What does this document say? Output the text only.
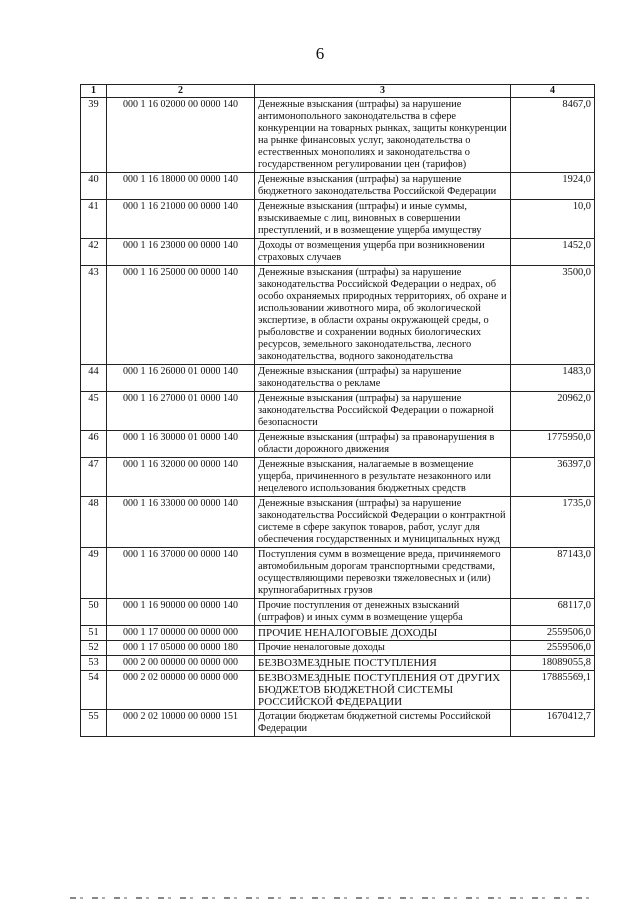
6
1	2	3	4
39	000 1 16 02000 00 0000 140	Денежные взыскания (штрафы) за нарушение антимонопольного законодательства в сфере конкуренции на товарных рынках, защиты конкуренции на рынке финансовых услуг, законодательства о естественных монополиях и законодательства о государственном регулировании цен (тарифов)	8467,0
40	000 1 16 18000 00 0000 140	Денежные взыскания (штрафы) за нарушение бюджетного законодательства Российской Федерации	1924,0
41	000 1 16 21000 00 0000 140	Денежные взыскания (штрафы) и иные суммы, взыскиваемые с лиц, виновных в совершении преступлений, и в возмещение ущерба имуществу	10,0
42	000 1 16 23000 00 0000 140	Доходы от возмещения ущерба при возникновении страховых случаев	1452,0
43	000 1 16 25000 00 0000 140	Денежные взыскания (штрафы) за нарушение законодательства Российской Федерации о недрах, об особо охраняемых природных территориях, об охране и использовании животного мира, об экологической экспертизе, в области охраны окружающей среды, о рыболовстве и сохранении водных биологических ресурсов, земельного законодательства, лесного законодательства, водного законодательства	3500,0
44	000 1 16 26000 01 0000 140	Денежные взыскания (штрафы) за нарушение законодательства о рекламе	1483,0
45	000 1 16 27000 01 0000 140	Денежные взыскания (штрафы) за нарушение законодательства Российской Федерации о пожарной безопасности	20962,0
46	000 1 16 30000 01 0000 140	Денежные взыскания (штрафы) за правонарушения в области дорожного движения	1775950,0
47	000 1 16 32000 00 0000 140	Денежные взыскания, налагаемые в возмещение ущерба, причиненного в результате незаконного или нецелевого использования бюджетных средств	36397,0
48	000 1 16 33000 00 0000 140	Денежные взыскания (штрафы) за нарушение законодательства Российской Федерации о контрактной системе в сфере закупок товаров, работ, услуг для обеспечения государственных и муниципальных нужд	1735,0
49	000 1 16 37000 00 0000 140	Поступления сумм в возмещение вреда, причиняемого автомобильным дорогам транспортными средствами, осуществляющими перевозки тяжеловесных и (или) крупногабаритных грузов	87143,0
50	000 1 16 90000 00 0000 140	Прочие поступления от денежных взысканий (штрафов) и иных сумм в возмещение ущерба	68117,0
51	000 1 17 00000 00 0000 000	ПРОЧИЕ НЕНАЛОГОВЫЕ ДОХОДЫ	2559506,0
52	000 1 17 05000 00 0000 180	Прочие неналоговые доходы	2559506,0
53	000 2 00 00000 00 0000 000	БЕЗВОЗМЕЗДНЫЕ ПОСТУПЛЕНИЯ	18089055,8
54	000 2 02 00000 00 0000 000	БЕЗВОЗМЕЗДНЫЕ ПОСТУПЛЕНИЯ ОТ ДРУГИХ БЮДЖЕТОВ БЮДЖЕТНОЙ СИСТЕМЫ РОССИЙСКОЙ ФЕДЕРАЦИИ	17885569,1
55	000 2 02 10000 00 0000 151	Дотации бюджетам бюджетной системы Российской Федерации	1670412,7
